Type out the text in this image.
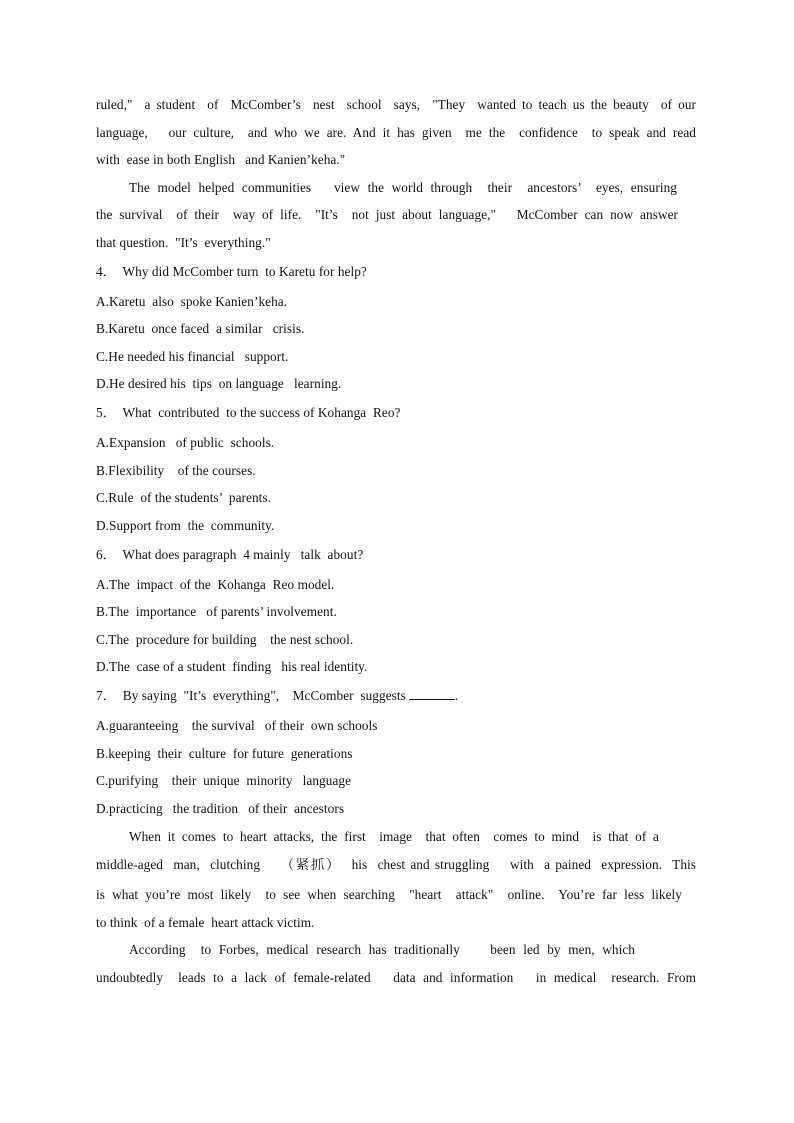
ruled,"  a student  of  McComber’s  nest  school  says,  "They  wanted to teach us the beauty  of our
language,   our culture,  and who we are. And it has given  me the  confidence  to speak and read
with  ease in both English   and Kanien’keha."
The model helped communities   view the world through  their  ancestors’  eyes, ensuring
the survival  of their  way of life.  "It’s  not just about language,"   McComber can now answer
that question.  "It’s  everything."
4．  Why did McComber turn  to Karetu for help?
A.Karetu  also  spoke Kanien’keha.
B.Karetu  once faced  a similar   crisis.
C.He needed his financial   support.
D.He desired his  tips  on language   learning.
5．  What  contributed  to the success of Kohanga  Reo?
A.Expansion   of public  schools.
B.Flexibility    of the courses.
C.Rule  of the students’  parents.
D.Support from  the  community.
6．  What does paragraph  4 mainly   talk  about?
A.The  impact  of the  Kohanga  Reo model.
B.The  importance   of parents’ involvement.
C.The  procedure for building    the nest school.
D.The  case of a student  finding   his real identity.
7．  By saying  "It’s  everything",    McComber  suggests	.
A.guaranteeing    the survival   of their  own schools
B.keeping  their  culture  for future  generations
C.purifying    their  unique  minority   language
D.practicing   the tradition   of their  ancestors
When it comes to heart attacks, the first  image  that often  comes to mind  is that of a
middle-aged  man,  clutching    （紧抓）  his  chest and struggling    with  a pained  expression.  This
is what you’re most likely  to see when searching  "heart  attack"  online.  You’re far less likely
to think  of a female  heart attack victim.
According  to Forbes, medical research has traditionally    been led by men, which
undoubtedly  leads to a lack of female-related   data and information   in medical  research. From
